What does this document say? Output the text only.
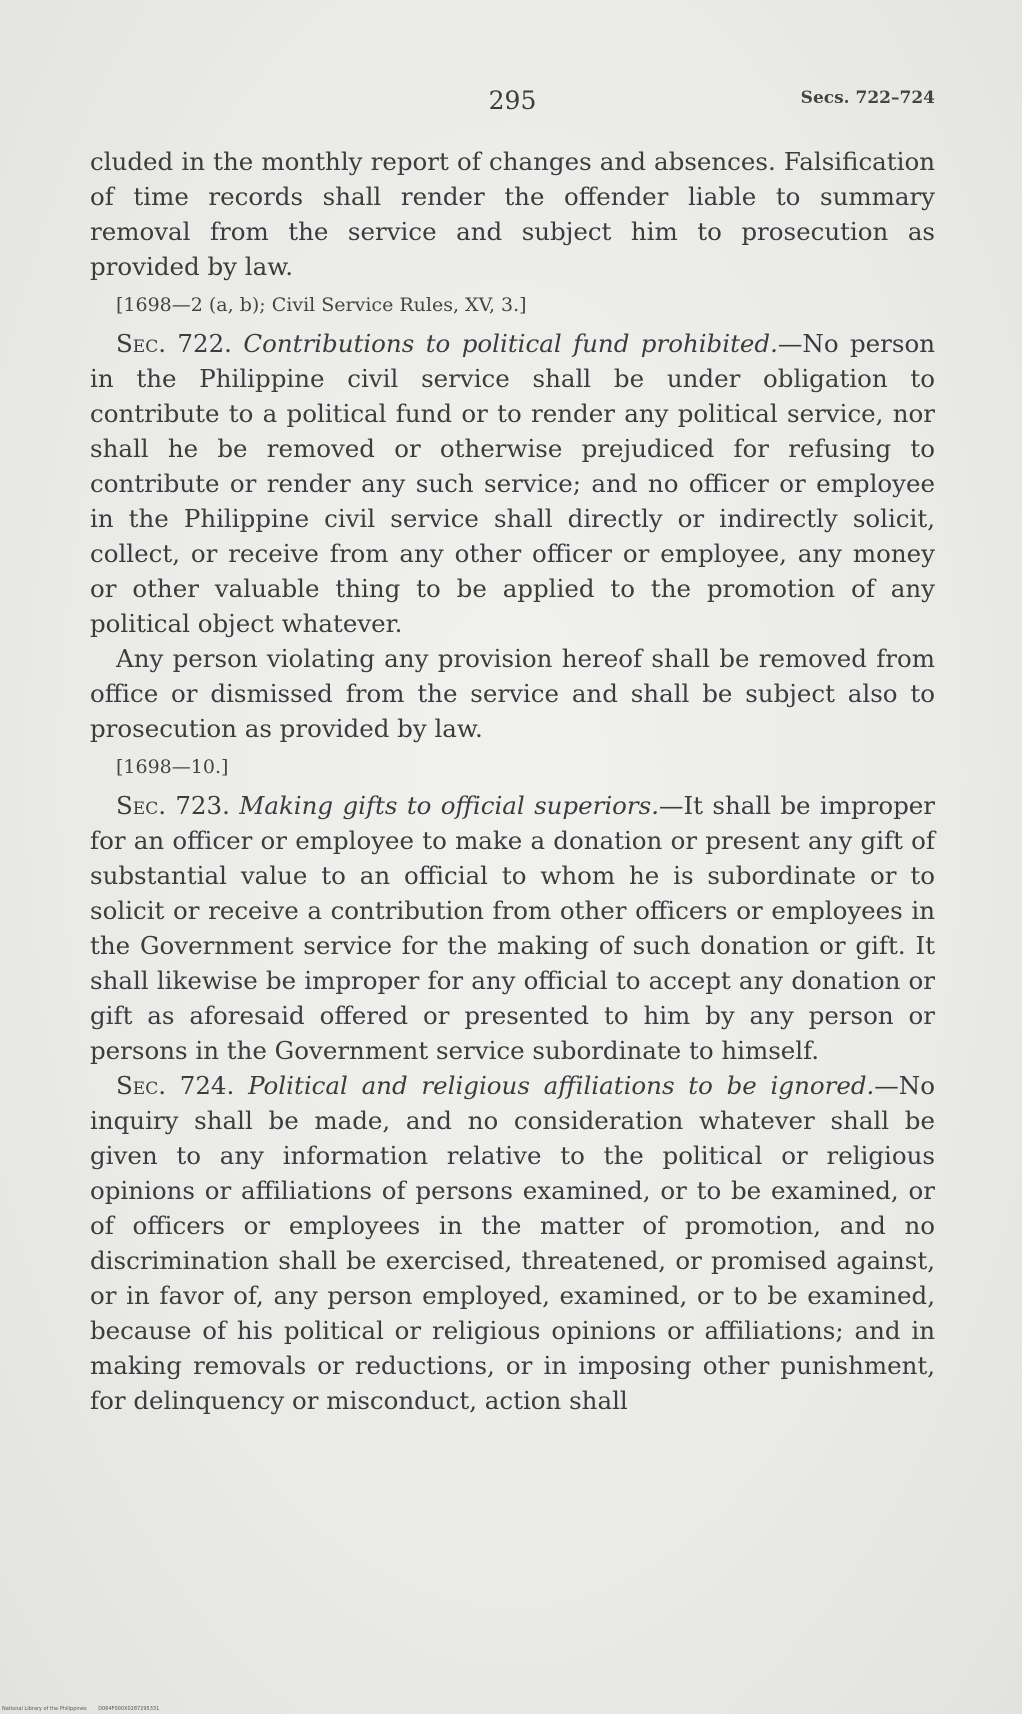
295	Secs. 722–724

cluded in the monthly report of changes and absences. Falsification of time records shall render the offender liable to summary removal from the service and subject him to prosecution as provided by law.

[1698—2 (a, b); Civil Service Rules, XV, 3.]

Sec. 722. Contributions to political fund prohibited.—No person in the Philippine civil service shall be under obligation to contribute to a political fund or to render any political service, nor shall he be removed or otherwise prejudiced for refusing to contribute or render any such service; and no officer or employee in the Philippine civil service shall directly or indirectly solicit, collect, or receive from any other officer or employee, any money or other valuable thing to be applied to the promotion of any political object whatever.

Any person violating any provision hereof shall be removed from office or dismissed from the service and shall be subject also to prosecution as provided by law.

[1698—10.]

Sec. 723. Making gifts to official superiors.—It shall be improper for an officer or employee to make a donation or present any gift of substantial value to an official to whom he is subordinate or to solicit or receive a contribution from other officers or employees in the Government service for the making of such donation or gift. It shall likewise be improper for any official to accept any donation or gift as aforesaid offered or presented to him by any person or persons in the Government service subordinate to himself.

Sec. 724. Political and religious affiliations to be ignored.—No inquiry shall be made, and no consideration whatever shall be given to any information relative to the political or religious opinions or affiliations of persons examined, or to be examined, or of officers or employees in the matter of promotion, and no discrimination shall be exercised, threatened, or promised against, or in favor of, any person employed, examined, or to be examined, because of his political or religious opinions or affiliations; and in making removals or reductions, or in imposing other punishment, for delinquency or misconduct, action shall

National Library of the Philippines D064F000X0287295331
